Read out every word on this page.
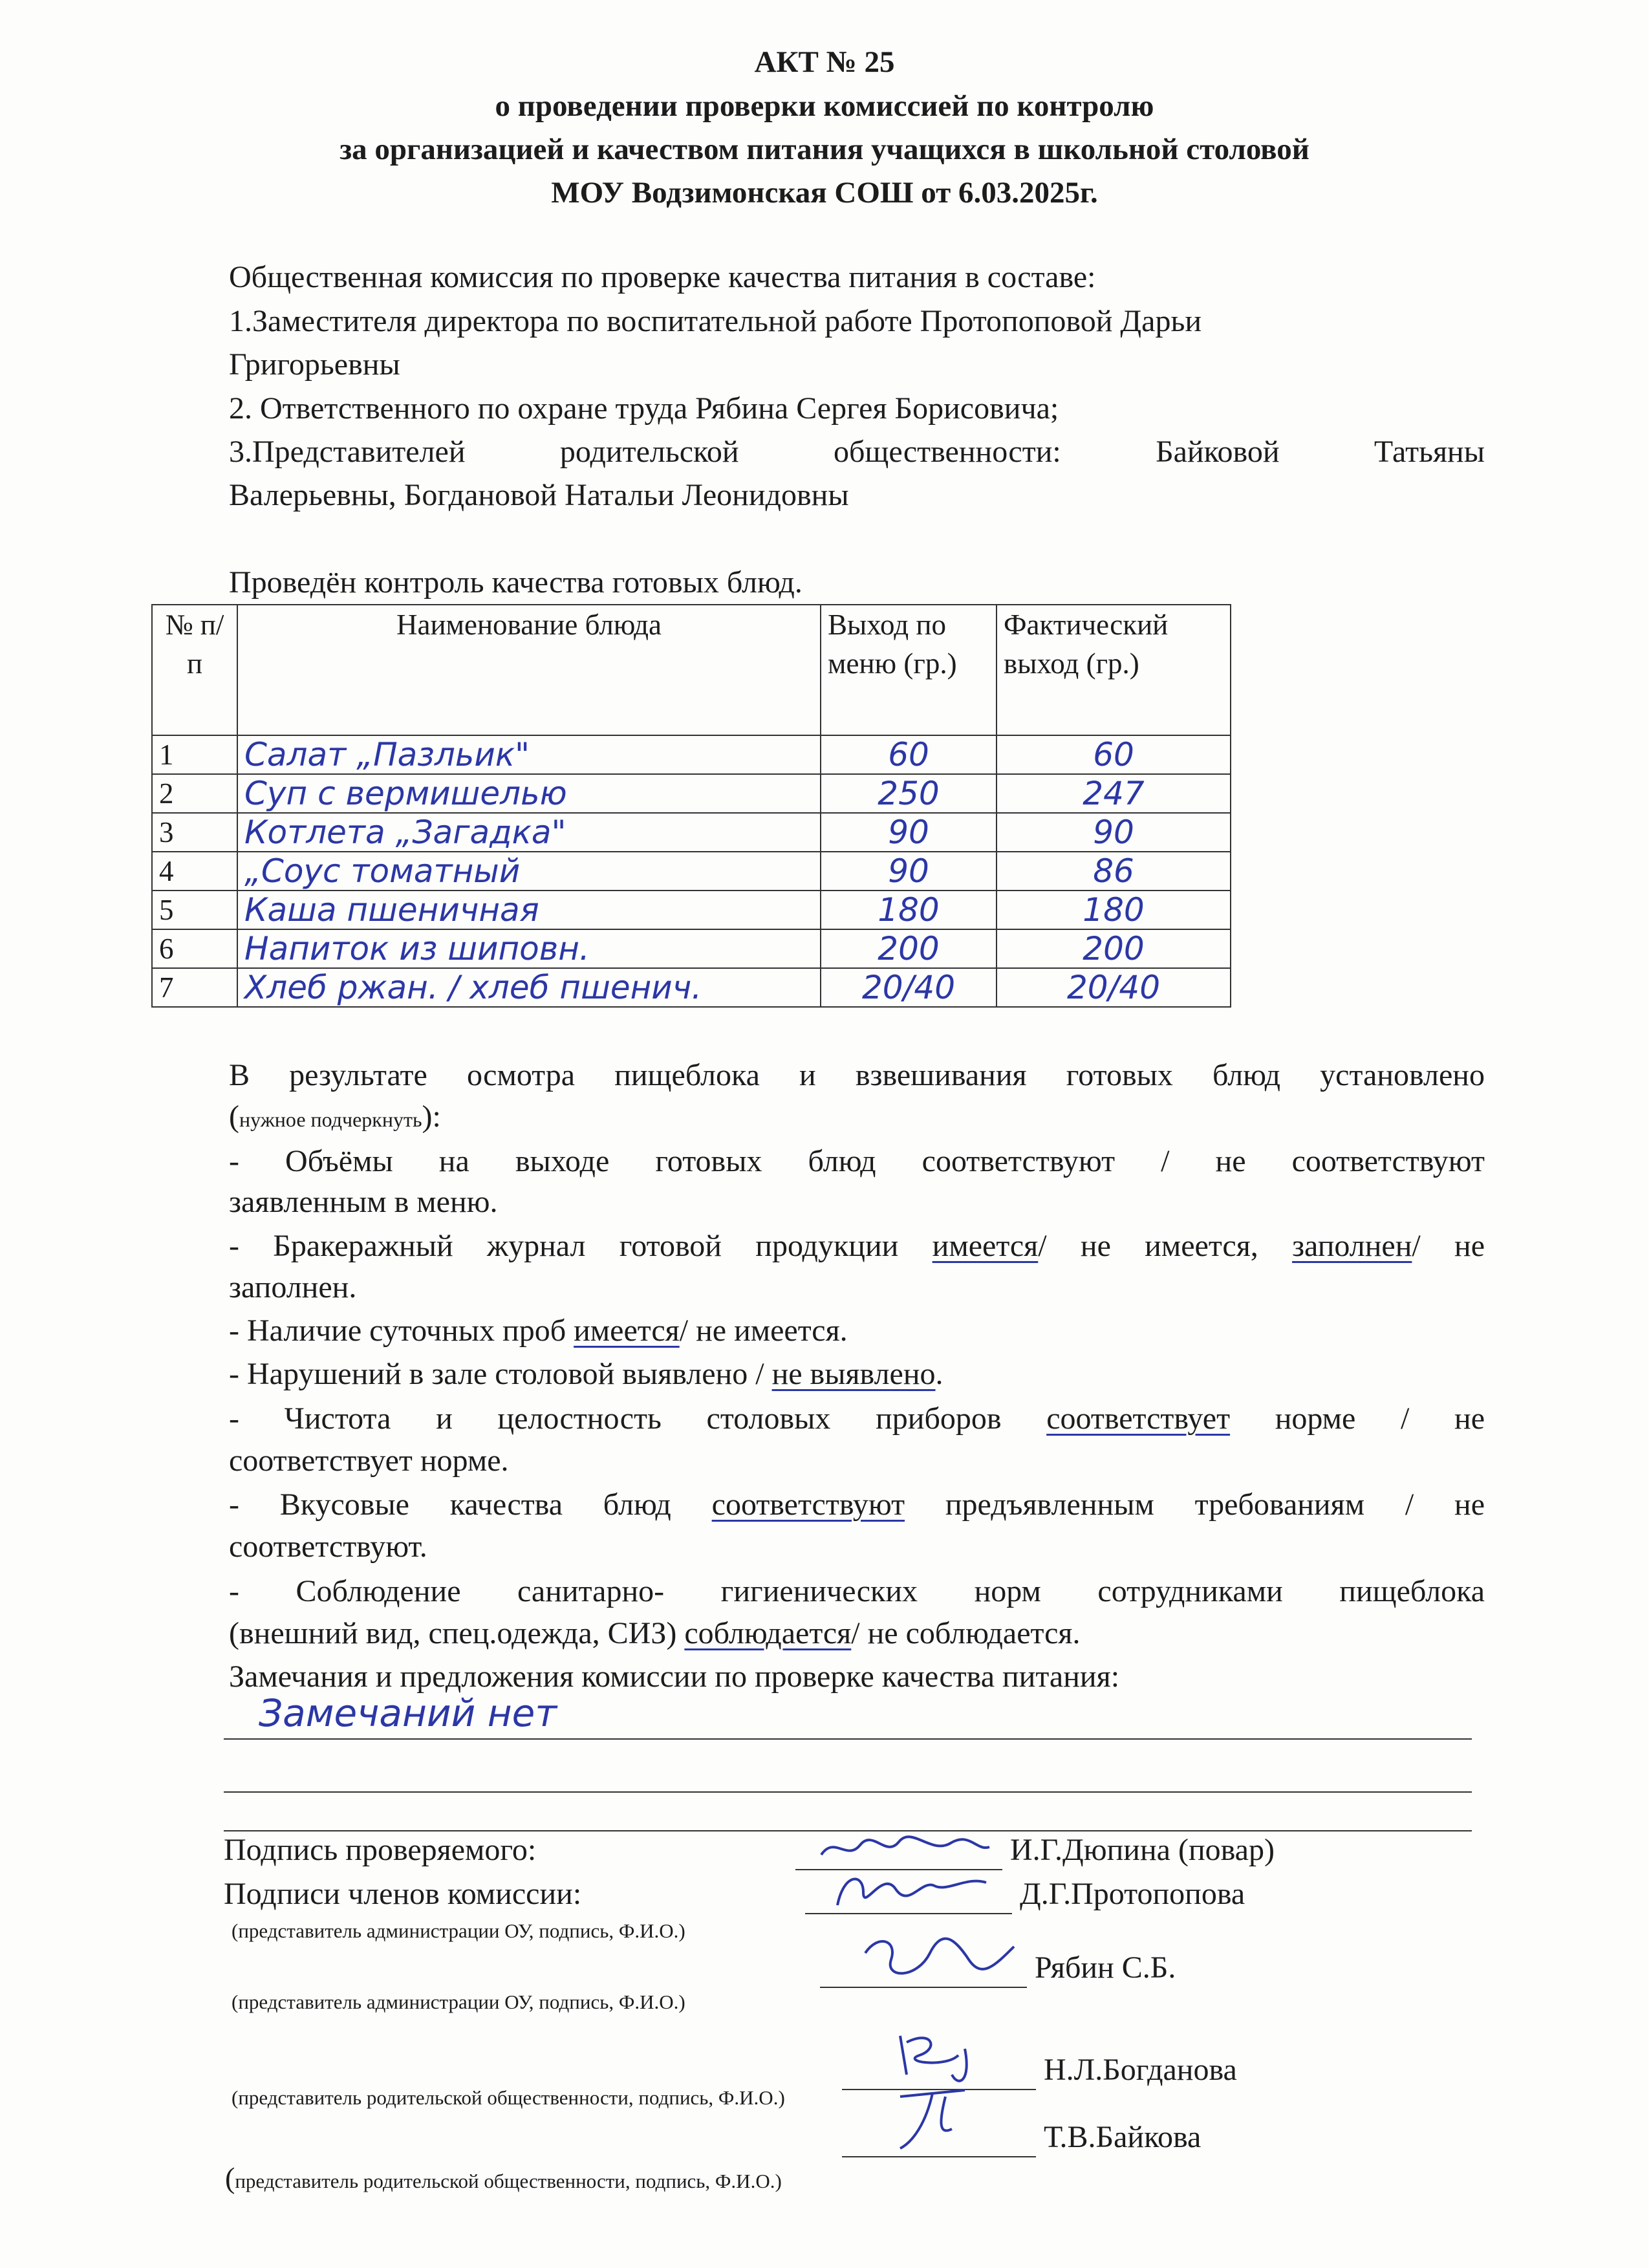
АКТ № 25
о проведении проверки комиссией по контролю
за организацией и качеством питания учащихся в школьной столовой
МОУ Водзимонская СОШ от 6.03.2025г.
Общественная комиссия по проверке качества питания в составе:
1.Заместителя директора по воспитательной работе Протопоповой Дарьи
Григорьевны
2. Ответственного по охране труда Рябина Сергея Борисовича;
3.Представителей родительской общественности: Байковой Татьяны
Валерьевны, Богдановой Натальи Леонидовны
Проведён контроль качества готовых блюд.
№ п/п	Наименование блюда	Выход по меню (гр.)	Фактический выход (гр.)
1	Салат „Пазльик"	60	60
2	Суп с вермишелью	250	247
3	Котлета „Загадка"	90	90
4	„Соус томатный	90	86
5	Каша пшеничная	180	180
6	Напиток из шиповн.	200	200
7	Хлеб ржан. / хлеб пшенич.	20/40	20/40
В результате осмотра пищеблока и взвешивания готовых блюд установлено
(нужное подчеркнуть):
- Объёмы на выходе готовых блюд соответствуют / не соответствуют
заявленным в меню.
- Бракеражный журнал готовой продукции имеется/ не имеется, заполнен/ не
заполнен.
- Наличие суточных проб имеется/ не имеется.
- Нарушений в зале столовой выявлено / не выявлено.
- Чистота и целостность столовых приборов соответствует норме / не
соответствует норме.
- Вкусовые качества блюд соответствуют предъявленным требованиям / не
соответствуют.
- Соблюдение санитарно- гигиенических норм сотрудниками пищеблока
(внешний вид, спец.одежда, СИЗ) соблюдается/ не соблюдается.
Замечания и предложения комиссии по проверке качества питания:
Замечаний нет
Подпись проверяемого:	И.Г.Дюпина (повар)
Подписи членов комиссии:	Д.Г.Протопопова
(представитель администрации ОУ, подпись, Ф.И.О.)
Рябин С.Б.
(представитель администрации ОУ, подпись, Ф.И.О.)
Н.Л.Богданова
(представитель родительской общественности, подпись, Ф.И.О.)
Т.В.Байкова
(представитель родительской общественности, подпись, Ф.И.О.)
